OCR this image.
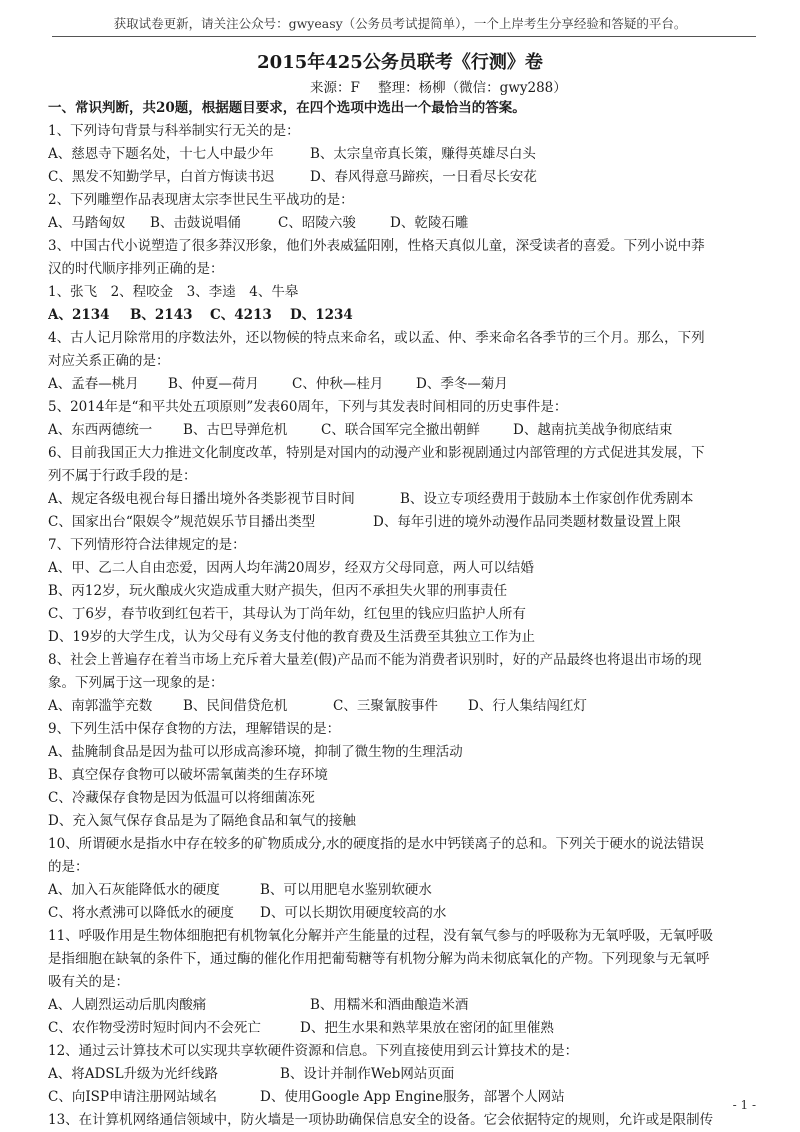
获取试卷更新，请关注公众号：gwyeasy（公务员考试提简单），一个上岸考生分享经验和答疑的平台。
2015年425公务员联考《行测》卷
来源：F 整理：杨柳（微信：gwy288）
一、常识判断，共20题，根据题目要求，在四个选项中选出一个最恰当的答案。
1、下列诗句背景与科举制实行无关的是：
A、慈恩寺下题名处，十七人中最少年	B、太宗皇帝真长策，赚得英雄尽白头
C、黑发不知勤学早，白首方悔读书迟	D、春风得意马蹄疾，一日看尽长安花
2、下列雕塑作品表现唐太宗李世民生平战功的是：
A、马踏匈奴	B、击鼓说唱俑	C、昭陵六骏	D、乾陵石雕
3、中国古代小说塑造了很多莽汉形象，他们外表威猛阳刚，性格天真似儿童，深受读者的喜爱。下列小说中莽
汉的时代顺序排列正确的是：
1、张飞　2、程咬金　3、李逵　4、牛皋
A、2134	B、2143	C、4213	D、1234
4、古人记月除常用的序数法外，还以物候的特点来命名，或以孟、仲、季来命名各季节的三个月。那么，下列
对应关系正确的是：
A、孟春—桃月	B、仲夏—荷月	C、仲秋—桂月	D、季冬—菊月
5、2014年是“和平共处五项原则”发表60周年，下列与其发表时间相同的历史事件是：
A、东西两德统一	B、古巴导弹危机	C、联合国军完全撤出朝鲜	D、越南抗美战争彻底结束
6、目前我国正大力推进文化制度改革，特别是对国内的动漫产业和影视剧通过内部管理的方式促进其发展，下
列不属于行政手段的是：
A、规定各级电视台每日播出境外各类影视节目时间	B、设立专项经费用于鼓励本土作家创作优秀剧本
C、国家出台“限娱令”规范娱乐节目播出类型	D、每年引进的境外动漫作品同类题材数量设置上限
7、下列情形符合法律规定的是：
A、甲、乙二人自由恋爱，因两人均年满20周岁，经双方父母同意，两人可以结婚
B、丙12岁，玩火酿成火灾造成重大财产损失，但丙不承担失火罪的刑事责任
C、丁6岁，春节收到红包若干，其母认为丁尚年幼，红包里的钱应归监护人所有
D、19岁的大学生戊，认为父母有义务支付他的教育费及生活费至其独立工作为止
8、社会上普遍存在着当市场上充斥着大量差(假)产品而不能为消费者识别时，好的产品最终也将退出市场的现
象。下列属于这一现象的是：
A、南郭滥竽充数	B、民间借贷危机	C、三聚氰胺事件	D、行人集结闯红灯
9、下列生活中保存食物的方法，理解错误的是：
A、盐腌制食品是因为盐可以形成高渗环境，抑制了微生物的生理活动
B、真空保存食物可以破坏需氧菌类的生存环境
C、冷藏保存食物是因为低温可以将细菌冻死
D、充入氮气保存食品是为了隔绝食品和氧气的接触
10、所谓硬水是指水中存在较多的矿物质成分,水的硬度指的是水中钙镁离子的总和。下列关于硬水的说法错误
的是：
A、加入石灰能降低水的硬度	B、可以用肥皂水鉴别软硬水
C、将水煮沸可以降低水的硬度	D、可以长期饮用硬度较高的水
11、呼吸作用是生物体细胞把有机物氧化分解并产生能量的过程，没有氧气参与的呼吸称为无氧呼吸，无氧呼吸
是指细胞在缺氧的条件下，通过酶的催化作用把葡萄糖等有机物分解为尚未彻底氧化的产物。下列现象与无氧呼
吸有关的是：
A、人剧烈运动后肌肉酸痛	B、用糯米和酒曲酿造米酒
C、农作物受涝时短时间内不会死亡	D、把生水果和熟苹果放在密闭的缸里催熟
12、通过云计算技术可以实现共享软硬件资源和信息。下列直接使用到云计算技术的是：
A、将ADSL升级为光纤线路	B、设计并制作Web网站页面
C、向ISP申请注册网站域名	D、使用Google App Engine服务，部署个人网站
13、在计算机网络通信领域中，防火墙是一项协助确保信息安全的设备。它会依据特定的规则，允许或是限制传
- 1 -
